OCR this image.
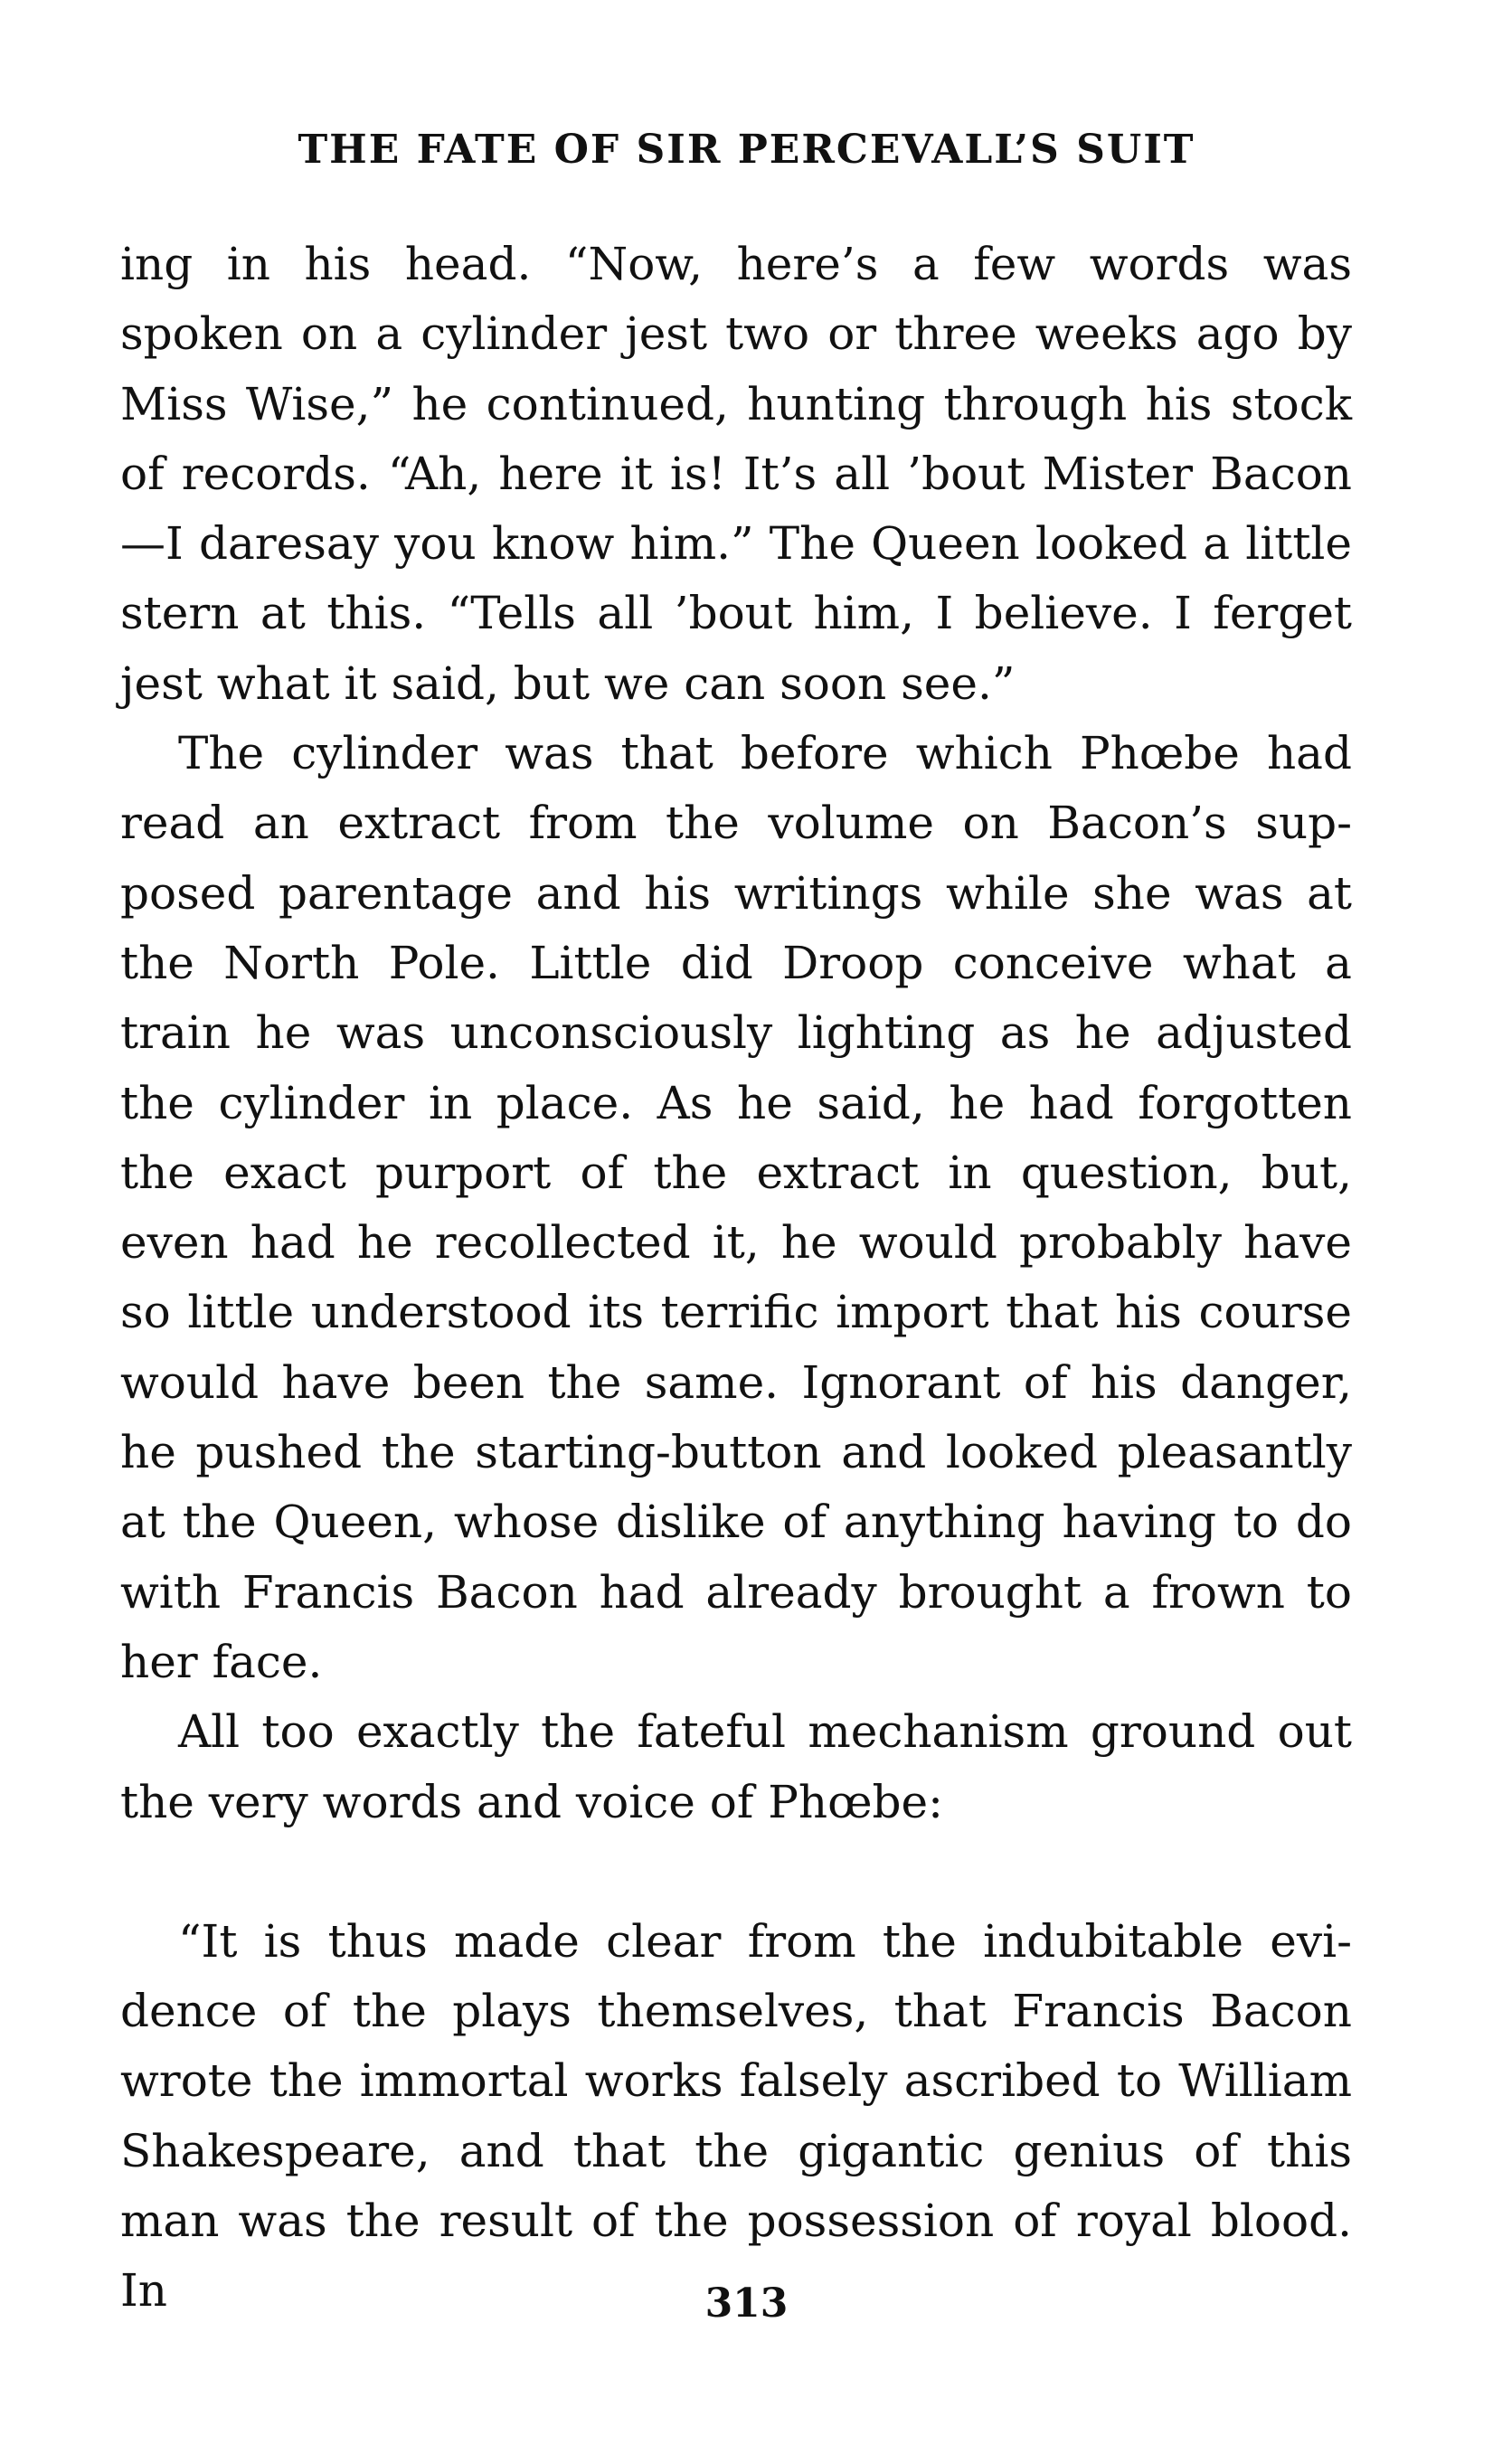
THE FATE OF SIR PERCEVALL’S SUIT

ing in his head. “Now, here’s a few words was spoken on a cylinder jest two or three weeks ago by Miss Wise,” he continued, hunting through his stock of records. “Ah, here it is! It’s all ’bout Mister Bacon—I daresay you know him.” The Queen looked a little stern at this. “Tells all ’bout him, I believe. I ferget jest what it said, but we can soon see.”

The cylinder was that before which Phœbe had read an extract from the volume on Bacon’s supposed parentage and his writings while she was at the North Pole. Little did Droop conceive what a train he was unconsciously lighting as he adjusted the cylinder in place. As he said, he had forgotten the exact purport of the extract in question, but, even had he recollected it, he would probably have so little understood its terrific import that his course would have been the same. Ignorant of his danger, he pushed the starting-button and looked pleasantly at the Queen, whose dislike of anything having to do with Francis Bacon had already brought a frown to her face.

All too exactly the fateful mechanism ground out the very words and voice of Phœbe:

“It is thus made clear from the indubitable evidence of the plays themselves, that Francis Bacon wrote the immortal works falsely ascribed to William Shakespeare, and that the gigantic genius of this man was the result of the possession of royal blood. In	313
